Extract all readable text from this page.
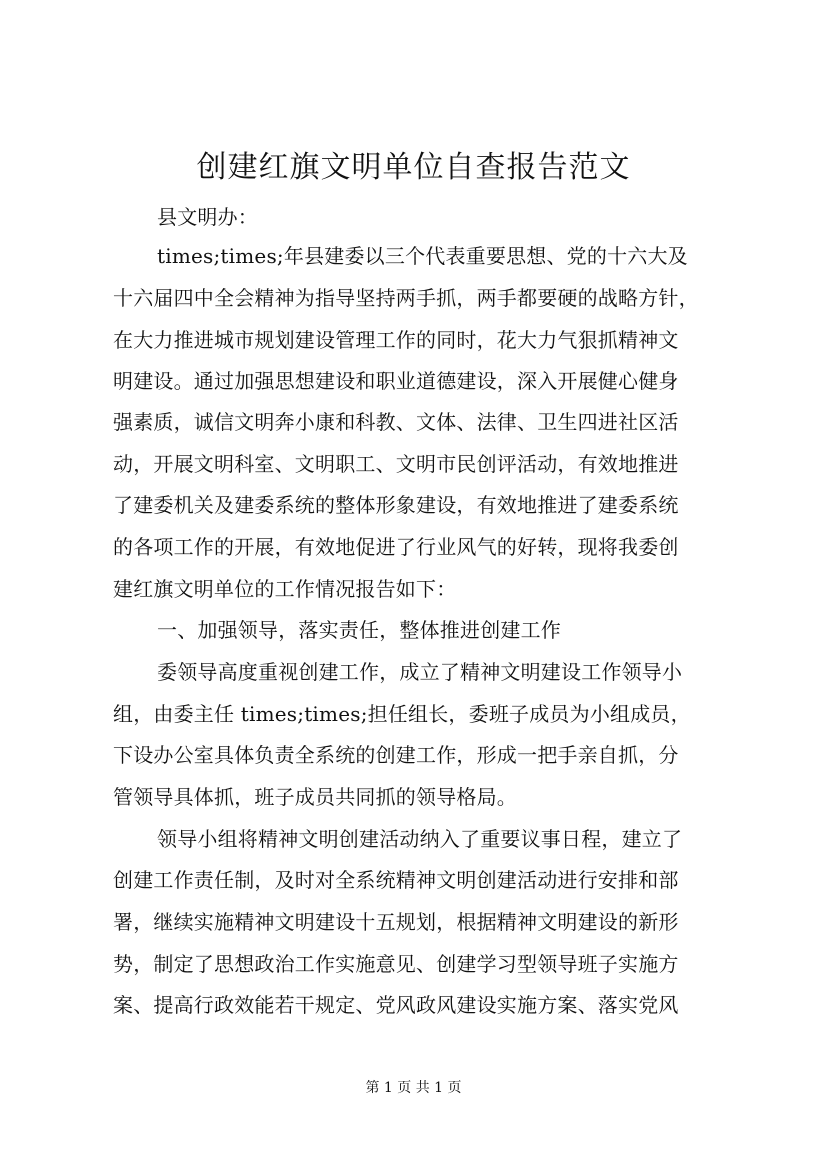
创建红旗文明单位自查报告范文
县文明办：
times;times;年县建委以三个代表重要思想、党的十六大及
十六届四中全会精神为指导坚持两手抓，两手都要硬的战略方针，
在大力推进城市规划建设管理工作的同时，花大力气狠抓精神文
明建设。通过加强思想建设和职业道德建设，深入开展健心健身
强素质，诚信文明奔小康和科教、文体、法律、卫生四进社区活
动，开展文明科室、文明职工、文明市民创评活动，有效地推进
了建委机关及建委系统的整体形象建设，有效地推进了建委系统
的各项工作的开展，有效地促进了行业风气的好转，现将我委创
建红旗文明单位的工作情况报告如下：
一、加强领导，落实责任，整体推进创建工作
委领导高度重视创建工作，成立了精神文明建设工作领导小
组，由委主任 times;times;担任组长，委班子成员为小组成员，
下设办公室具体负责全系统的创建工作，形成一把手亲自抓，分
管领导具体抓，班子成员共同抓的领导格局。
领导小组将精神文明创建活动纳入了重要议事日程，建立了
创建工作责任制，及时对全系统精神文明创建活动进行安排和部
署，继续实施精神文明建设十五规划，根据精神文明建设的新形
势，制定了思想政治工作实施意见、创建学习型领导班子实施方
案、提高行政效能若干规定、党风政风建设实施方案、落实党风
第 1 页 共 1 页
